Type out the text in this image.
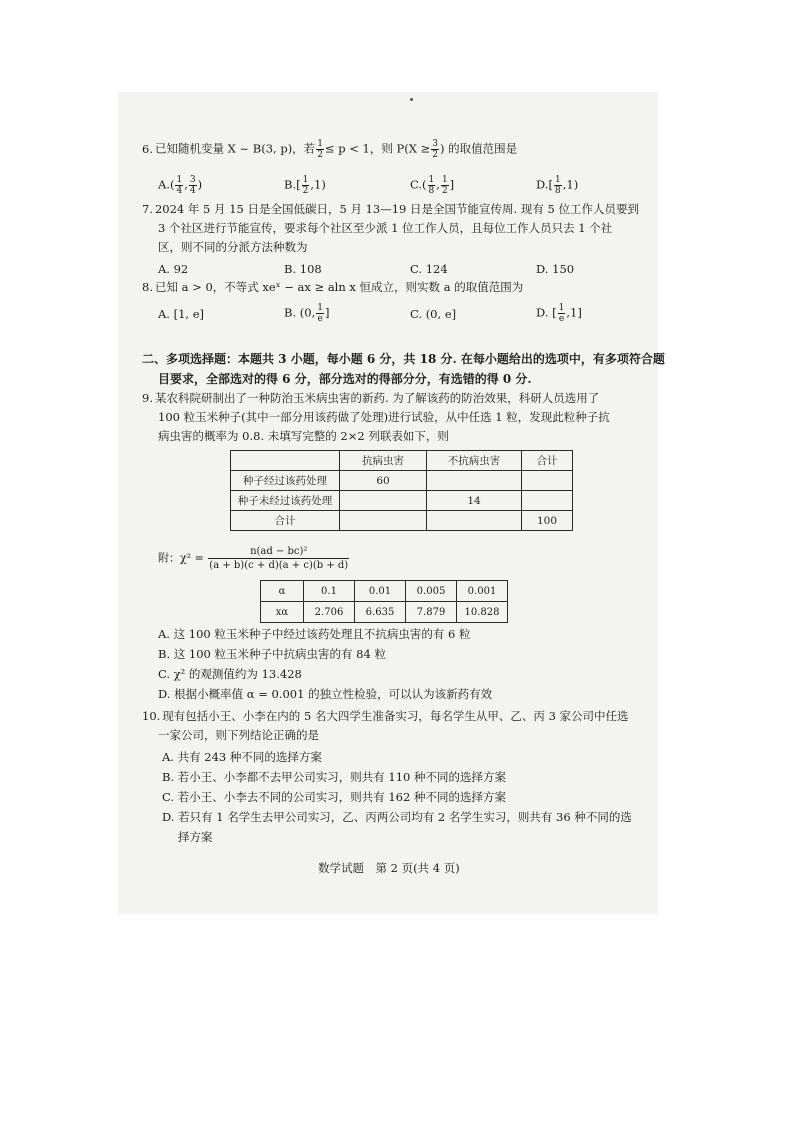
6. 已知随机变量 X ~ B(3, p)，若 $\frac{1}{2} \le p < 1$，则 $P(X \ge \frac{3}{2}$ ) 的取值范围是
$A.( \frac{1}{4}$ , $\frac{3}{4}$ )	$B.[ \frac{1}{2} ,1)$	$C.( \frac{1}{8}$ , $\frac{1}{2}$ ]	$D.[ \frac{1}{8} ,1)$
7. 2024 年 5 月 15 日是全国低碳日，5 月 13—19 日是全国节能宣传周. 现有 5 位工作人员要到
3 个社区进行节能宣传，要求每个社区至少派 1 位工作人员，且每位工作人员只去 1 个社
区，则不同的分派方法种数为
A. 92	B. 108	C. 124	D. 150
8. 已知 a > 0，不等式 xeˣ − ax ≥ aln x 恒成立，则实数 a 的取值范围为
A. [1, e]	B. (0, $\frac{1}{e}$ ]	C. (0, e]	D. [ $\frac{1}{e} ,1$]
二、多项选择题：本题共 3 小题，每小题 6 分，共 18 分. 在每小题给出的选项中，有多项符合题
目要求，全部选对的得 6 分，部分选对的得部分分，有选错的得 0 分.
9. 某农科院研制出了一种防治玉米病虫害的新药. 为了解该药的防治效果，科研人员选用了
100 粒玉米种子(其中一部分用该药做了处理)进行试验，从中任选 1 粒，发现此粒种子抗
病虫害的概率为 0.8. 未填写完整的 2×2 列联表如下，则
	抗病虫害	不抗病虫害	合计
种子经过该药处理	60		
种子未经过该药处理		14	
合计			100
附：$\chi^2 = \frac{\text{n(ad − bc)²}}{(a + b)(c + d)(a + c)(b + d)}$
α	0.1	0.01	0.005	0.001
xα	2.706	6.635	7.879	10.828
A. 这 100 粒玉米种子中经过该药处理且不抗病虫害的有 6 粒
B. 这 100 粒玉米种子中抗病虫害的有 84 粒
C. χ² 的观测值约为 13.428
D. 根据小概率值 α = 0.001 的独立性检验，可以认为该新药有效
10. 现有包括小王、小李在内的 5 名大四学生准备实习，每名学生从甲、乙、丙 3 家公司中任选
一家公司，则下列结论正确的是
A. 共有 243 种不同的选择方案
B. 若小王、小李都不去甲公司实习，则共有 110 种不同的选择方案
C. 若小王、小李去不同的公司实习，则共有 162 种不同的选择方案
D. 若只有 1 名学生去甲公司实习，乙、丙两公司均有 2 名学生实习，则共有 36 种不同的选
择方案
数学试题　第 2 页(共 4 页)
